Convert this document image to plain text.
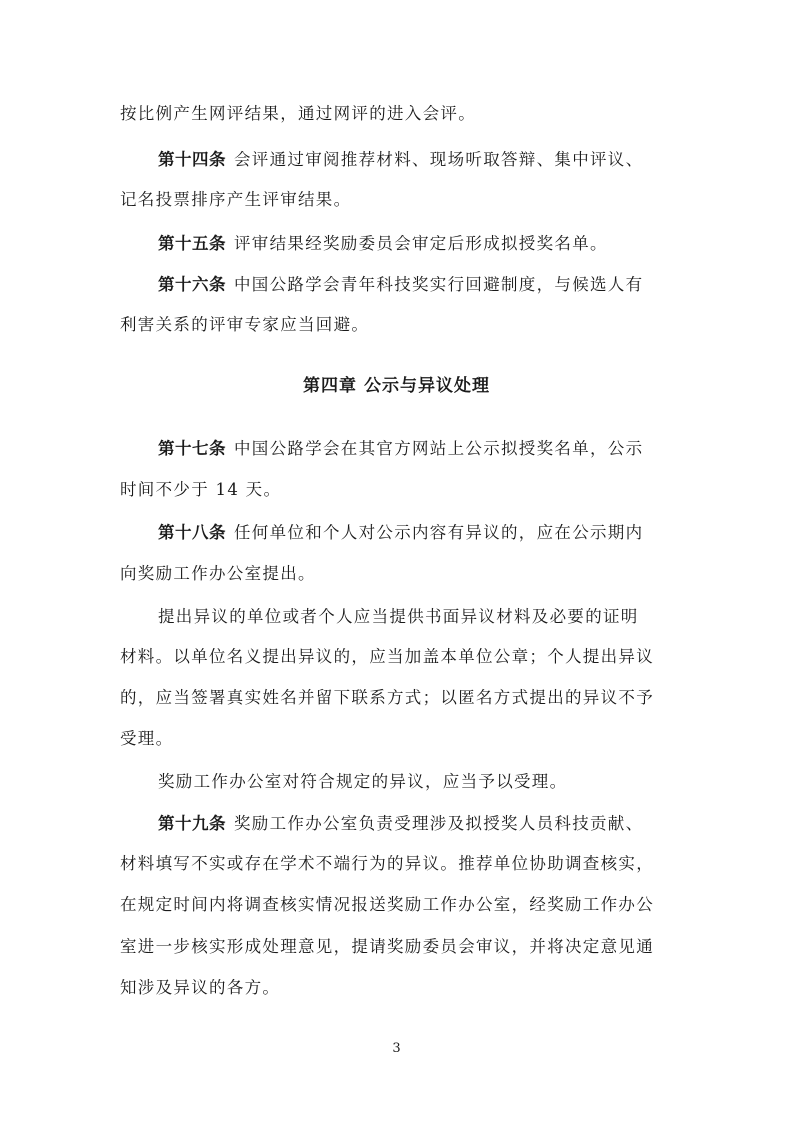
按比例产生网评结果，通过网评的进入会评。
第十四条 会评通过审阅推荐材料、现场听取答辩、集中评议、
记名投票排序产生评审结果。
第十五条 评审结果经奖励委员会审定后形成拟授奖名单。
第十六条 中国公路学会青年科技奖实行回避制度，与候选人有
利害关系的评审专家应当回避。
第四章 公示与异议处理
第十七条 中国公路学会在其官方网站上公示拟授奖名单，公示
时间不少于 14 天。
第十八条 任何单位和个人对公示内容有异议的，应在公示期内
向奖励工作办公室提出。
提出异议的单位或者个人应当提供书面异议材料及必要的证明
材料。以单位名义提出异议的，应当加盖本单位公章；个人提出异议
的，应当签署真实姓名并留下联系方式；以匿名方式提出的异议不予
受理。
奖励工作办公室对符合规定的异议，应当予以受理。
第十九条 奖励工作办公室负责受理涉及拟授奖人员科技贡献、
材料填写不实或存在学术不端行为的异议。推荐单位协助调查核实，
在规定时间内将调查核实情况报送奖励工作办公室，经奖励工作办公
室进一步核实形成处理意见，提请奖励委员会审议，并将决定意见通
知涉及异议的各方。
3
